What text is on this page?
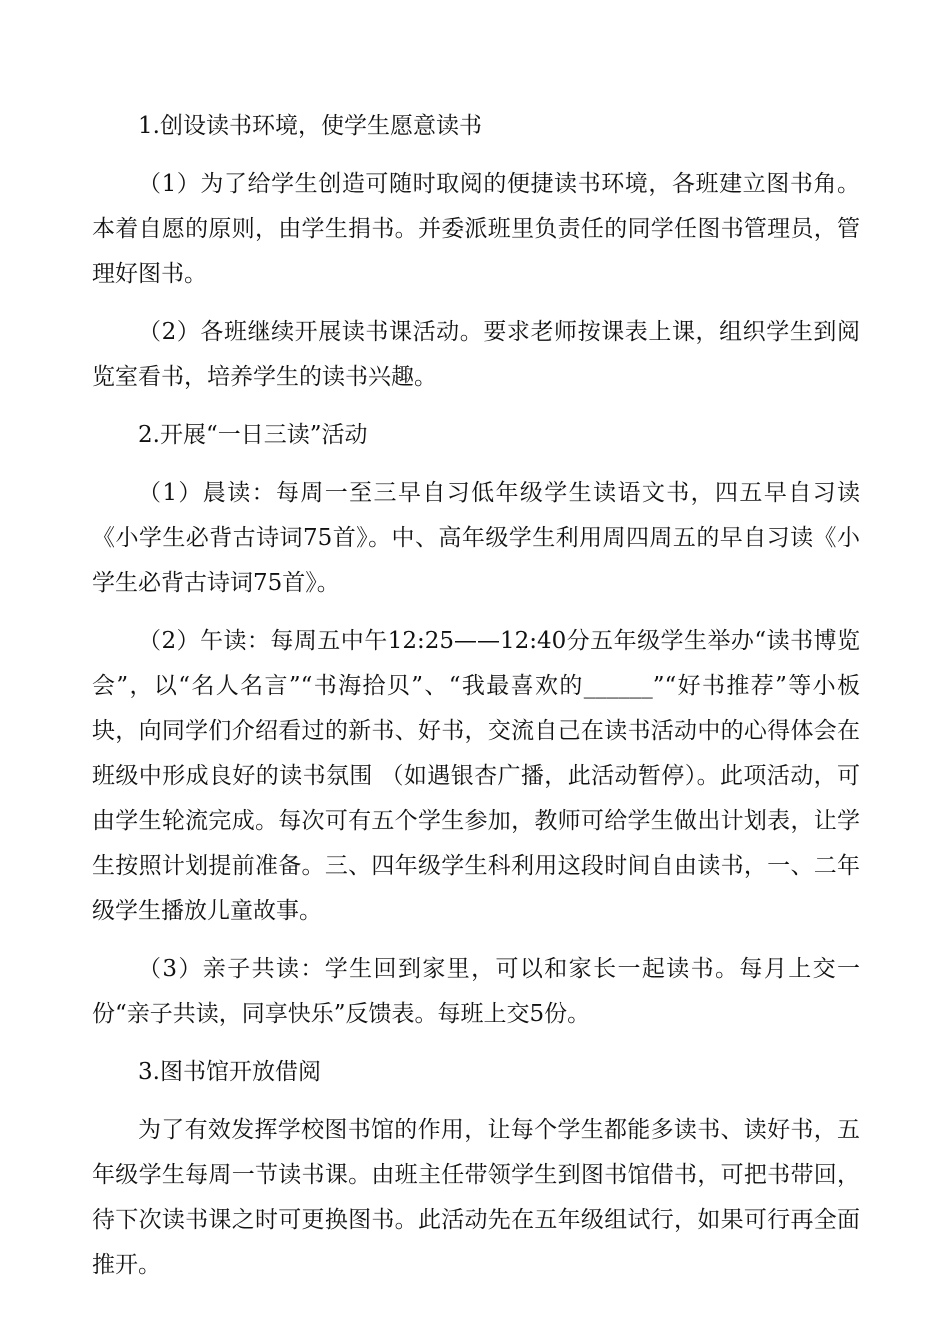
1.创设读书环境，使学生愿意读书

（1）为了给学生创造可随时取阅的便捷读书环境，各班建立图书角。本着自愿的原则，由学生捐书。并委派班里负责任的同学任图书管理员，管理好图书。

（2）各班继续开展读书课活动。要求老师按课表上课，组织学生到阅览室看书，培养学生的读书兴趣。

2.开展“一日三读”活动

（1）晨读：每周一至三早自习低年级学生读语文书，四五早自习读《小学生必背古诗词75首》。中、高年级学生利用周四周五的早自习读《小学生必背古诗词75首》。

（2）午读：每周五中午12:25——12:40分五年级学生举办“读书博览会”，以“名人名言”“书海拾贝”、“我最喜欢的______”“好书推荐”等小板块，向同学们介绍看过的新书、好书，交流自己在读书活动中的心得体会在班级中形成良好的读书氛围 （如遇银杏广播，此活动暂停）。此项活动，可由学生轮流完成。每次可有五个学生参加，教师可给学生做出计划表，让学生按照计划提前准备。三、四年级学生科利用这段时间自由读书，一、二年级学生播放儿童故事。

（3）亲子共读：学生回到家里，可以和家长一起读书。每月上交一份“亲子共读，同享快乐”反馈表。每班上交5份。

3.图书馆开放借阅

为了有效发挥学校图书馆的作用，让每个学生都能多读书、读好书，五年级学生每周一节读书课。由班主任带领学生到图书馆借书，可把书带回，待下次读书课之时可更换图书。此活动先在五年级组试行，如果可行再全面推开。
